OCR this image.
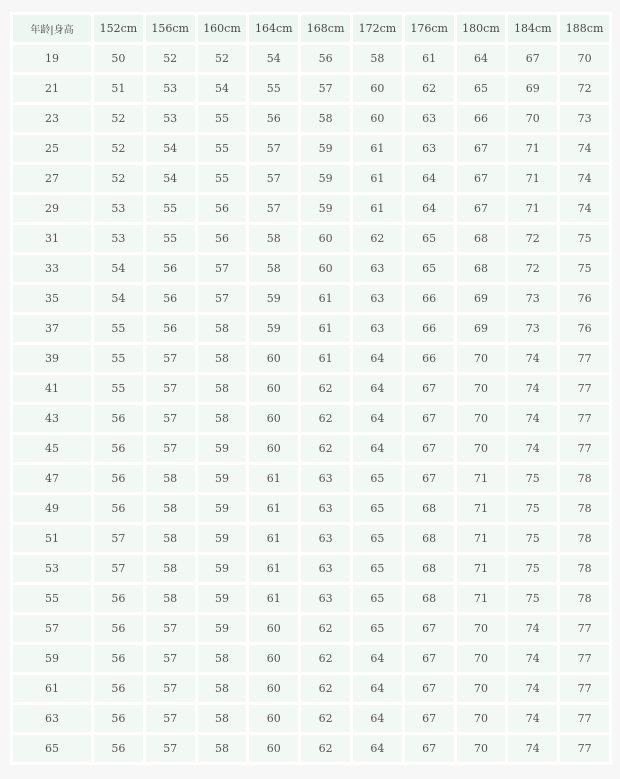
年龄|身高	152cm	156cm	160cm	164cm	168cm	172cm	176cm	180cm	184cm	188cm
19	50	52	52	54	56	58	61	64	67	70
21	51	53	54	55	57	60	62	65	69	72
23	52	53	55	56	58	60	63	66	70	73
25	52	54	55	57	59	61	63	67	71	74
27	52	54	55	57	59	61	64	67	71	74
29	53	55	56	57	59	61	64	67	71	74
31	53	55	56	58	60	62	65	68	72	75
33	54	56	57	58	60	63	65	68	72	75
35	54	56	57	59	61	63	66	69	73	76
37	55	56	58	59	61	63	66	69	73	76
39	55	57	58	60	61	64	66	70	74	77
41	55	57	58	60	62	64	67	70	74	77
43	56	57	58	60	62	64	67	70	74	77
45	56	57	59	60	62	64	67	70	74	77
47	56	58	59	61	63	65	67	71	75	78
49	56	58	59	61	63	65	68	71	75	78
51	57	58	59	61	63	65	68	71	75	78
53	57	58	59	61	63	65	68	71	75	78
55	56	58	59	61	63	65	68	71	75	78
57	56	57	59	60	62	65	67	70	74	77
59	56	57	58	60	62	64	67	70	74	77
61	56	57	58	60	62	64	67	70	74	77
63	56	57	58	60	62	64	67	70	74	77
65	56	57	58	60	62	64	67	70	74	77
